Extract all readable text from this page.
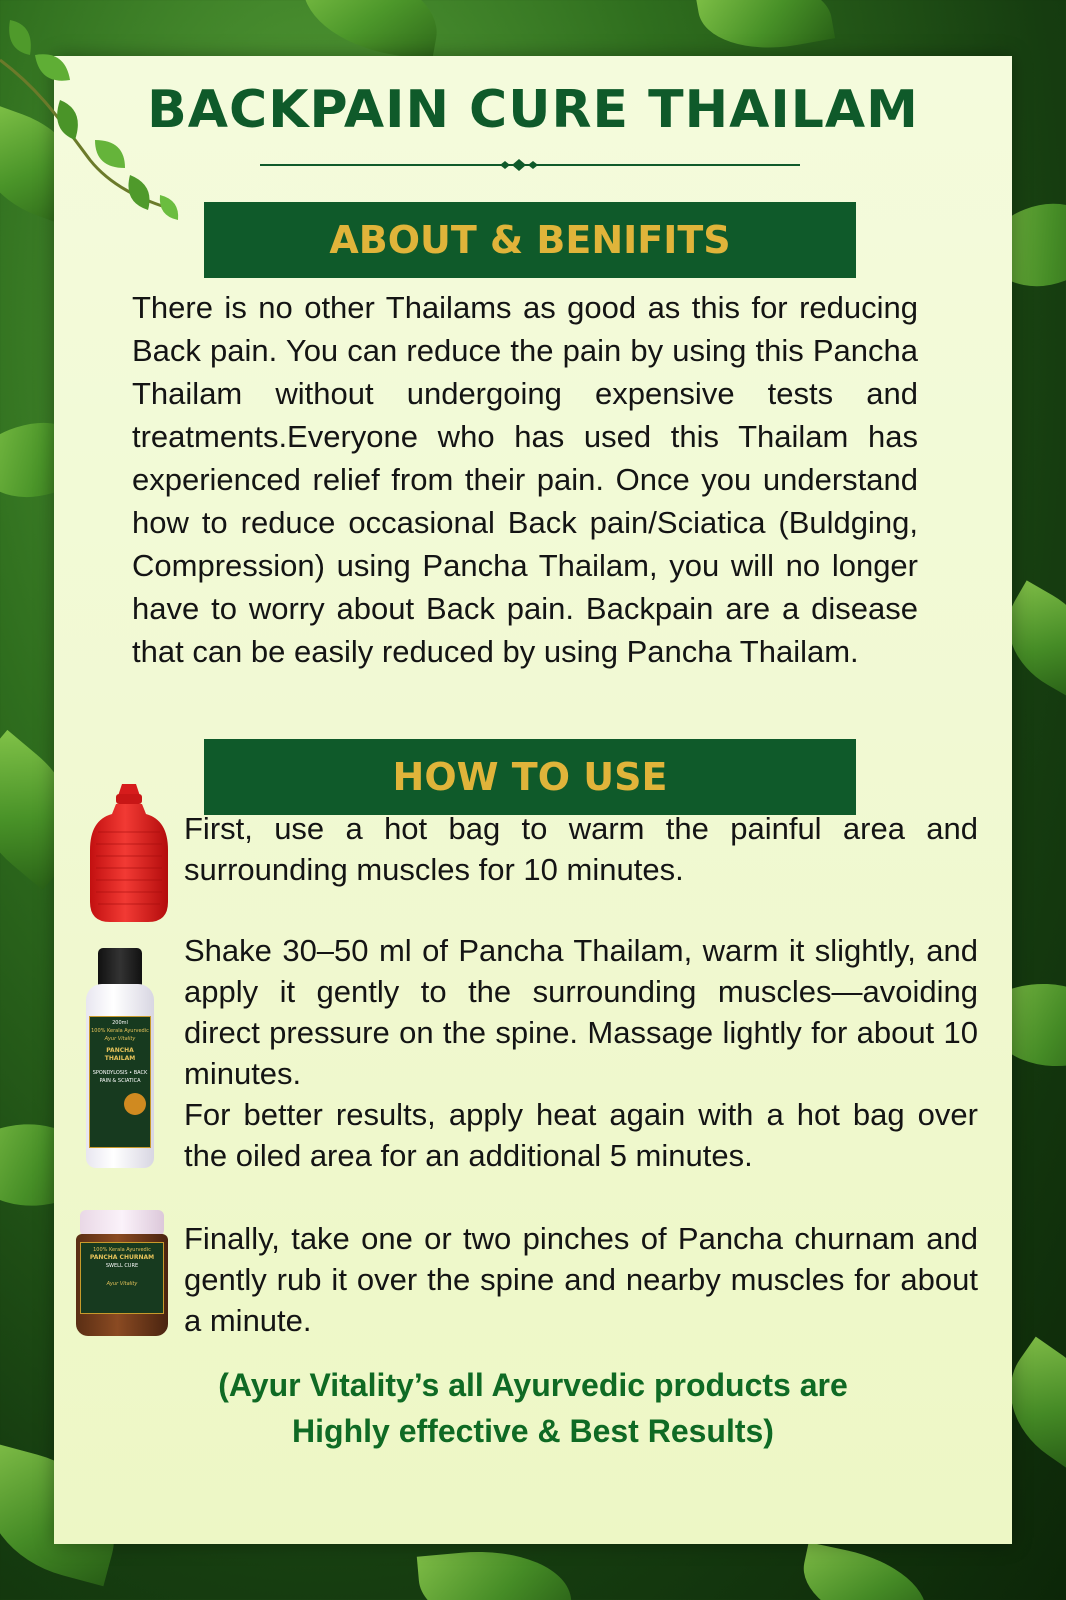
BACKPAIN CURE THAILAM
ABOUT & BENIFITS

There is no other Thailams as good as this for reducing Back pain. You can reduce the pain by using this Pancha Thailam without undergoing expensive tests and treatments.Everyone who has used this Thailam has experienced relief from their pain. Once you understand how to reduce occasional Back pain/Sciatica (Buldging, Compression) using Pancha Thailam, you will no longer have to worry about Back pain. Backpain are a disease that can be easily reduced by using Pancha Thailam.

HOW TO USE
First, use a hot bag to warm the painful area and surrounding muscles for 10 minutes.
200ml
100% Kerala Ayurvedic
Ayur Vitality
PANCHA THAILAM
SPONDYLOSIS • BACK PAIN & SCIATICA
Shake 30–50 ml of Pancha Thailam, warm it slightly, and apply it gently to the surrounding muscles—avoiding direct pressure on the spine. Massage lightly for about 10 minutes.
For better results, apply heat again with a hot bag over the oiled area for an additional 5 minutes.
100% Kerala Ayurvedic
PANCHA CHURNAM
SWELL CURE
Ayur Vitality
Finally, take one or two pinches of Pancha churnam and gently rub it over the spine and nearby muscles for about a minute.
(Ayur Vitality’s all Ayurvedic products are
Highly effective & Best Results)
